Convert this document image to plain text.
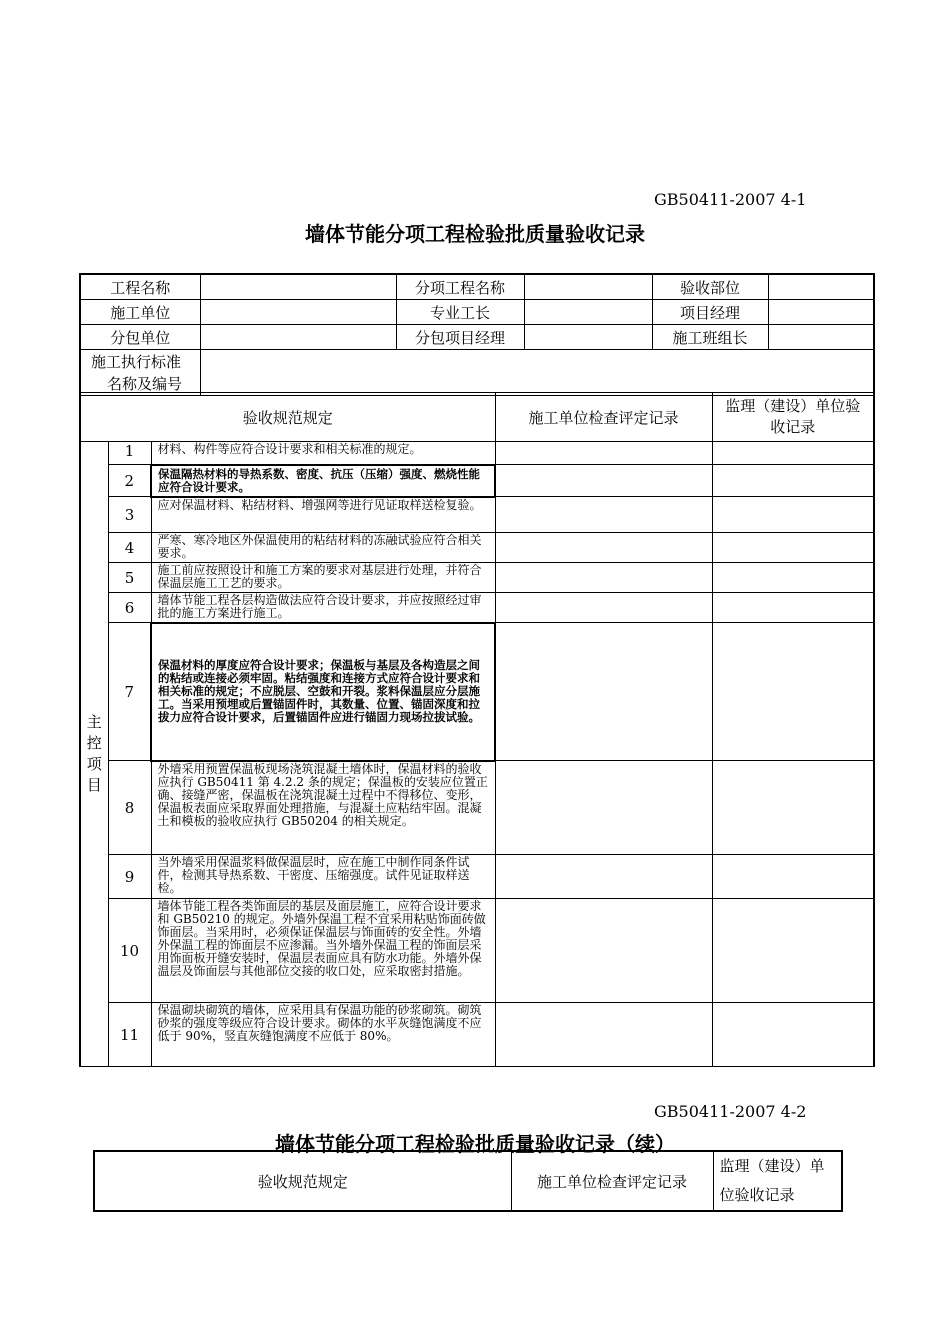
GB50411-2007 4-1
墙体节能分项工程检验批质量验收记录
工程名称		分项工程名称		验收部位	
施工单位		专业工长		项目经理	
分包单位		分包项目经理		施工班组长	

施工执行标准
名称及编号					

验收规范规定			施工单位检查评定记录	监理（建设）单位验
收记录

主
控
项
目	1	材料、构件等应符合设计要求和相关标准的规定。		
	2	保温隔热材料的导热系数、密度、抗压（压缩）强度、燃烧性能应符合设计要求。		
	3	应对保温材料、粘结材料、增强网等进行见证取样送检复验。		
	4	严寒、寒冷地区外保温使用的粘结材料的冻融试验应符合相关要求。		
	5	施工前应按照设计和施工方案的要求对基层进行处理，并符合保温层施工工艺的要求。		
	6	墙体节能工程各层构造做法应符合设计要求，并应按照经过审批的施工方案进行施工。		
	7	保温材料的厚度应符合设计要求；保温板与基层及各构造层之间的粘结或连接必须牢固。粘结强度和连接方式应符合设计要求和相关标准的规定；不应脱层、空鼓和开裂。浆料保温层应分层施工。当采用预埋或后置锚固件时，其数量、位置、锚固深度和拉拔力应符合设计要求，后置锚固件应进行锚固力现场拉拔试验。		
	8	外墙采用预置保温板现场浇筑混凝土墙体时，保温材料的验收应执行 GB50411 第 4.2.2 条的规定；保温板的安装应位置正确、接缝严密，保温板在浇筑混凝土过程中不得移位、变形，保温板表面应采取界面处理措施，与混凝土应粘结牢固。混凝土和模板的验收应执行 GB50204 的相关规定。		
	9	当外墙采用保温浆料做保温层时，应在施工中制作同条件试件，检测其导热系数、干密度、压缩强度。试件见证取样送检。		
	10	墙体节能工程各类饰面层的基层及面层施工，应符合设计要求和 GB50210 的规定。外墙外保温工程不宜采用粘贴饰面砖做饰面层。当采用时，必须保证保温层与饰面砖的安全性。外墙外保温工程的饰面层不应渗漏。当外墙外保温工程的饰面层采用饰面板开缝安装时，保温层表面应具有防水功能。外墙外保温层及饰面层与其他部位交接的收口处，应采取密封措施。		
	11	保温砌块砌筑的墙体，应采用具有保温功能的砂浆砌筑。砌筑砂浆的强度等级应符合设计要求。砌体的水平灰缝饱满度不应低于 90%，竖直灰缝饱满度不应低于 80%。		
GB50411-2007 4-2
墙体节能分项工程检验批质量验收记录（续）
验收规范规定	施工单位检查评定记录	
监理（建设）单
位验收记录
